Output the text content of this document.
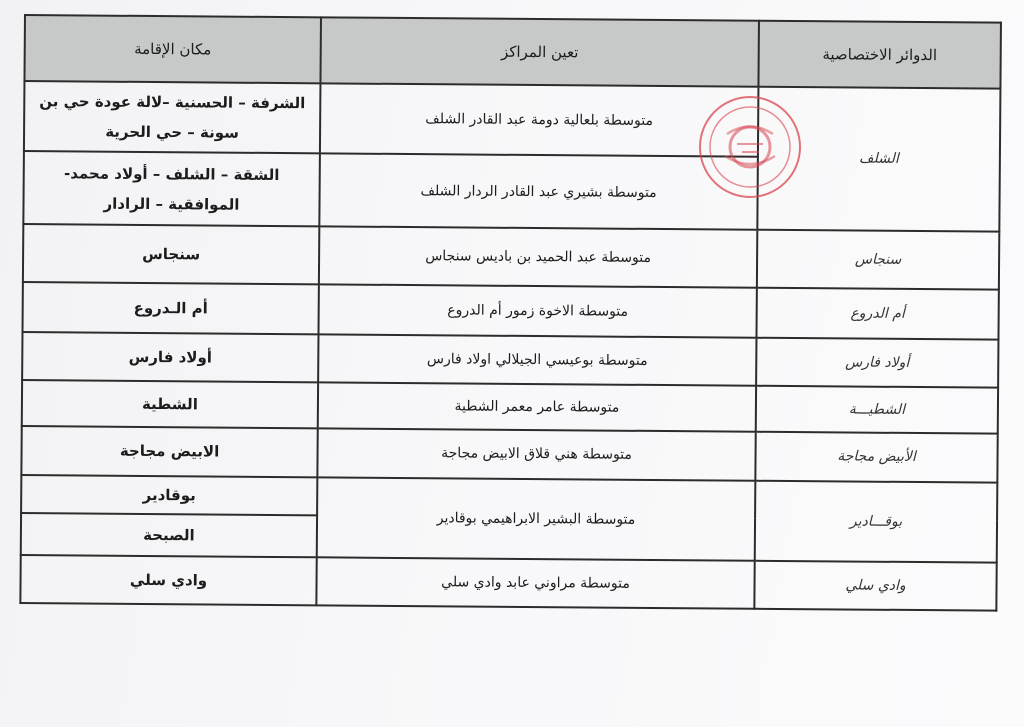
مكان الإقامة	تعين المراكز	الدوائر الاختصاصية
الشرفة – الحسنية –لالة عودة حي بن سونة – حي الحرية	متوسطة بلعالية دومة عبد القادر الشلف	الشلف
الشقة – الشلف – أولاد محمد- الموافقية – الرادار	متوسطة بشيري عبد القادر الردار الشلف	
سنجاس	متوسطة عبد الحميد بن باديس سنجاس	سنجاس
أم الـدروع	متوسطة الاخوة زمور أم الدروع	أم الدروع
أولاد فارس	متوسطة بوعيسي الجيلالي اولاد فارس	أولاد فارس
الشطية	متوسطة عامر معمر الشطية	الشطيـــة
الابيض مجاجة	متوسطة هني قلاق الابيض مجاجة	الأبيض مجاجة
بوقادير	متوسطة البشير الابراهيمي بوقادير	بوقـــادير
الصبحة		
وادي سلي	متوسطة مراوني عابد وادي سلي	وادي سلي
